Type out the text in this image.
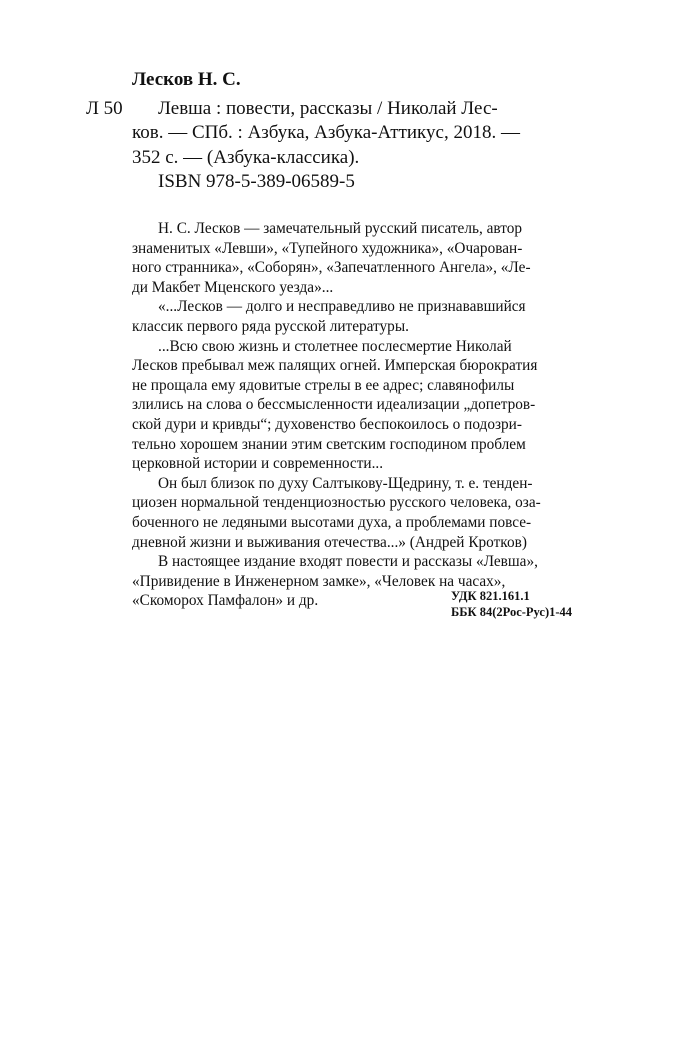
Лесков Н. С.
Л 50	Левша : повести, рассказы / Николай Лес-
ков. — СПб. : Азбука, Азбука-Аттикус, 2018. —
352 с. — (Азбука-классика).
ISBN 978-5-389-06589-5
Н. С. Лесков — замечательный русский писатель, автор
знаменитых «Левши», «Тупейного художника», «Очарован-
ного странника», «Соборян», «Запечатленного Ангела», «Ле-
ди Макбет Мценского уезда»...
«...Лесков — долго и несправедливо не признававшийся
классик первого ряда русской литературы.
...Всю свою жизнь и столетнее послесмертие Николай
Лесков пребывал меж палящих огней. Имперская бюрократия
не прощала ему ядовитые стрелы в ее адрес; славянофилы
злились на слова о бессмысленности идеализации „допетров-
ской дури и кривды“; духовенство беспокоилось о подозри-
тельно хорошем знании этим светским господином проблем
церковной истории и современности...
Он был близок по духу Салтыкову-Щедрину, т. е. тенден-
циозен нормальной тенденциозностью русского человека, оза-
боченного не ледяными высотами духа, а проблемами повсе-
дневной жизни и выживания отечества...» (Андрей Кротков)
В настоящее издание входят повести и рассказы «Левша»,
«Привидение в Инженерном замке», «Человек на часах»,
«Скоморох Памфалон» и др.	УДК 821.161.1
ББК 84(2Рос-Рус)1-44
